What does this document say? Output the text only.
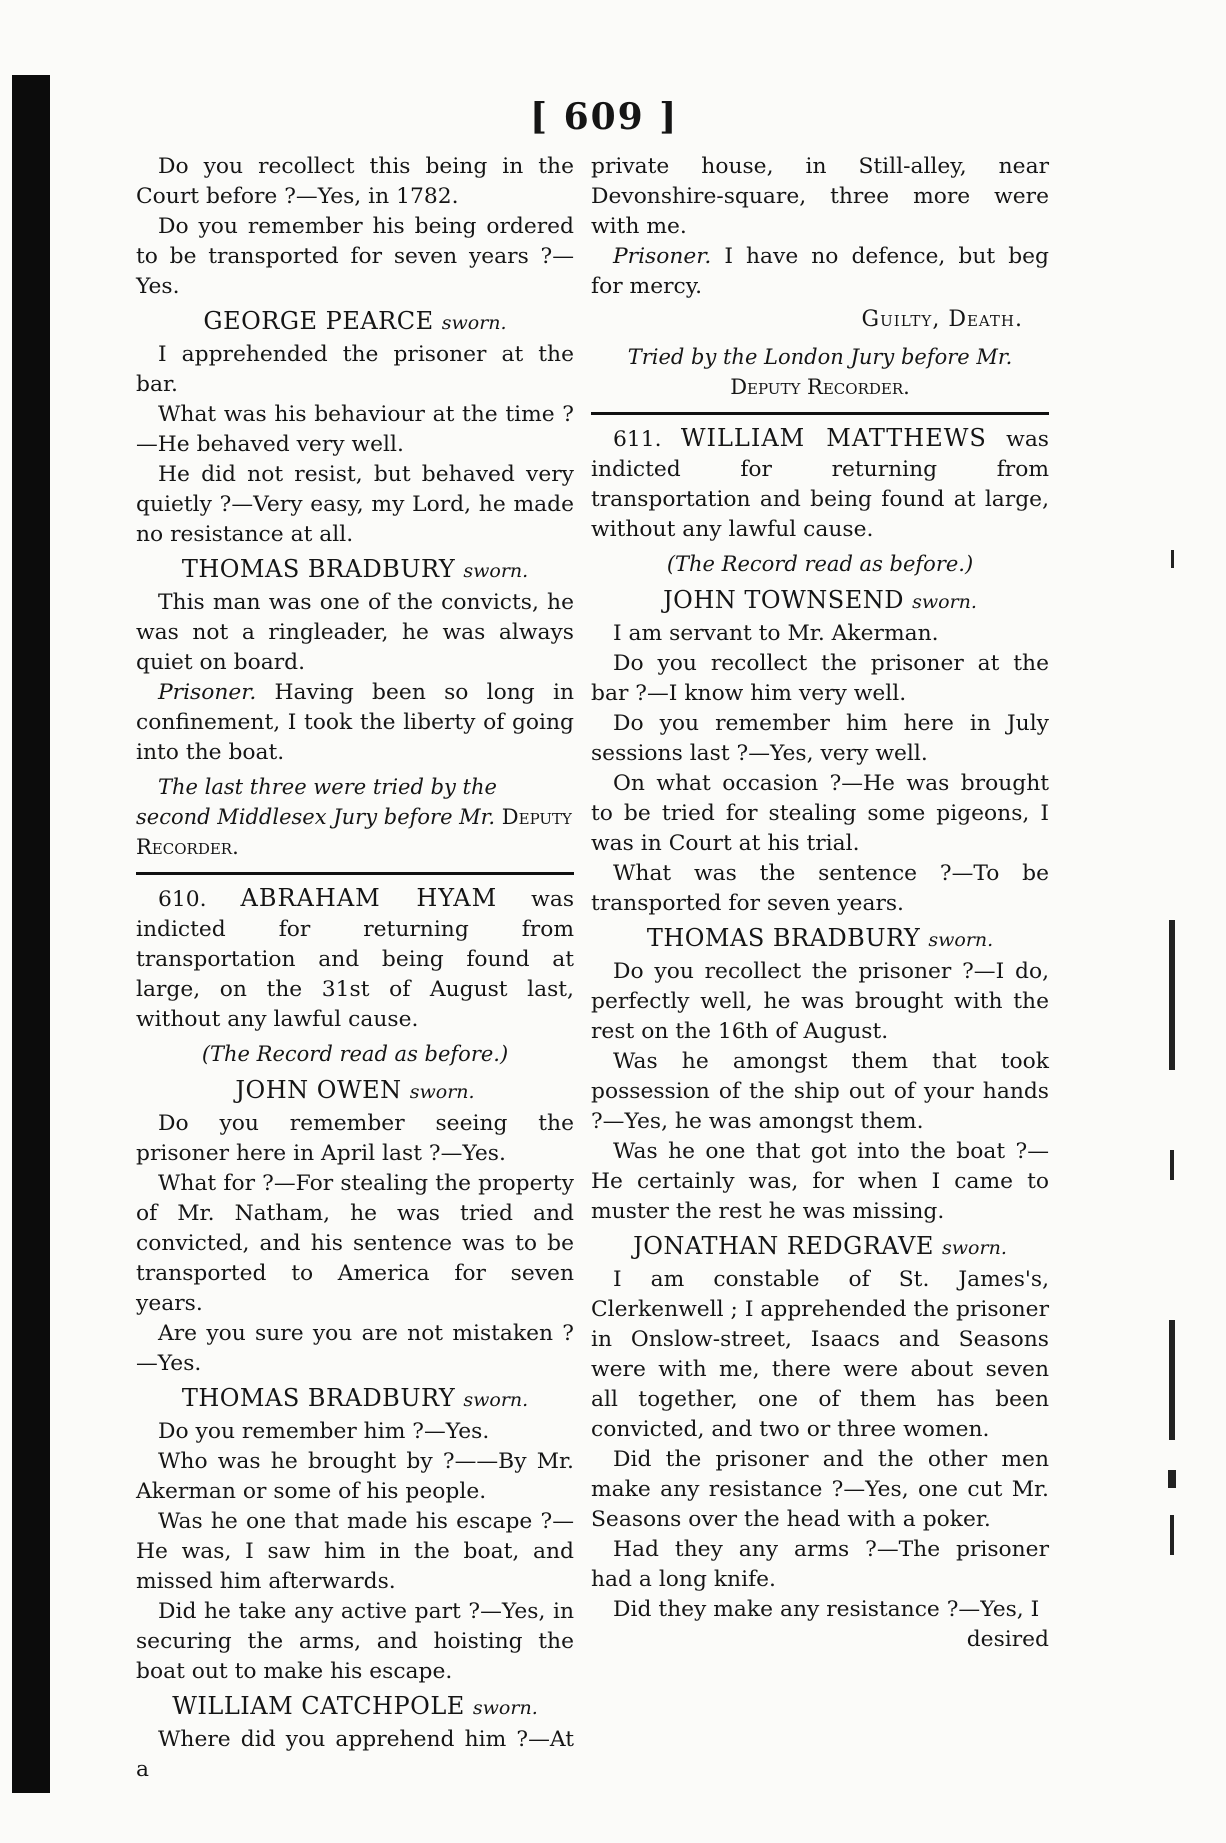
[ 609 ]

Do you recollect this being in the Court before ?—Yes, in 1782.

Do you remember his being ordered to be transported for seven years ?—Yes.

GEORGE PEARCE sworn.

I apprehended the prisoner at the bar.

What was his behaviour at the time ?—He behaved very well.

He did not resist, but behaved very quietly ?—Very easy, my Lord, he made no resistance at all.

THOMAS BRADBURY sworn.

This man was one of the convicts, he was not a ringleader, he was always quiet on board.

Prisoner. Having been so long in confinement, I took the liberty of going into the boat.

The last three were tried by the second Middlesex Jury before Mr. Deputy Recorder.

610. ABRAHAM HYAM was indicted for returning from transportation and being found at large, on the 31st of August last, without any lawful cause.

(The Record read as before.)

JOHN OWEN sworn.

Do you remember seeing the prisoner here in April last ?—Yes.

What for ?—For stealing the property of Mr. Natham, he was tried and convicted, and his sentence was to be transported to America for seven years.

Are you sure you are not mistaken ?—Yes.

THOMAS BRADBURY sworn.

Do you remember him ?—Yes.

Who was he brought by ?——By Mr. Akerman or some of his people.

Was he one that made his escape ?—He was, I saw him in the boat, and missed him afterwards.

Did he take any active part ?—Yes, in securing the arms, and hoisting the boat out to make his escape.

WILLIAM CATCHPOLE sworn.

Where did you apprehend him ?—At a

private house, in Still-alley, near Devonshire-square, three more were with me.

Prisoner. I have no defence, but beg for mercy.

Guilty, Death.

Tried by the London Jury before Mr.
Deputy Recorder.

611. WILLIAM MATTHEWS was indicted for returning from transportation and being found at large, without any lawful cause.

(The Record read as before.)

JOHN TOWNSEND sworn.

I am servant to Mr. Akerman.

Do you recollect the prisoner at the bar ?—I know him very well.

Do you remember him here in July sessions last ?—Yes, very well.

On what occasion ?—He was brought to be tried for stealing some pigeons, I was in Court at his trial.

What was the sentence ?—To be transported for seven years.

THOMAS BRADBURY sworn.

Do you recollect the prisoner ?—I do, perfectly well, he was brought with the rest on the 16th of August.

Was he amongst them that took possession of the ship out of your hands ?—Yes, he was amongst them.

Was he one that got into the boat ?—He certainly was, for when I came to muster the rest he was missing.

JONATHAN REDGRAVE sworn.

I am constable of St. James's, Clerkenwell ; I apprehended the prisoner in Onslow-street, Isaacs and Seasons were with me, there were about seven all together, one of them has been convicted, and two or three women.

Did the prisoner and the other men make any resistance ?—Yes, one cut Mr. Seasons over the head with a poker.

Had they any arms ?—The prisoner had a long knife.

Did they make any resistance ?—Yes, I

desired
